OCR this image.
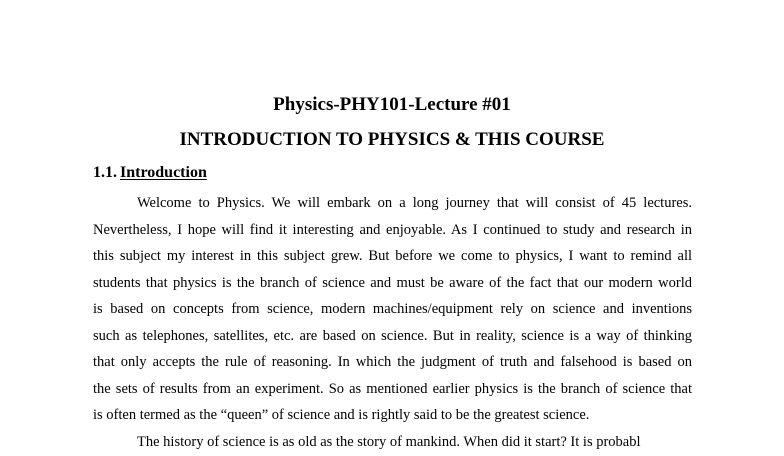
Physics-PHY101-Lecture #01
INTRODUCTION TO PHYSICS & THIS COURSE
1.1. Introduction
Welcome to Physics. We will embark on a long journey that will consist of 45 lectures.
Nevertheless, I hope will find it interesting and enjoyable. As I continued to study and research in
this subject my interest in this subject grew. But before we come to physics, I want to remind all
students that physics is the branch of science and must be aware of the fact that our modern world
is based on concepts from science, modern machines/equipment rely on science and inventions
such as telephones, satellites, etc. are based on science. But in reality, science is a way of thinking
that only accepts the rule of reasoning. In which the judgment of truth and falsehood is based on
the sets of results from an experiment. So as mentioned earlier physics is the branch of science that
is often termed as the “queen” of science and is rightly said to be the greatest science.
The history of science is as old as the story of mankind. When did it start? It is probabl
